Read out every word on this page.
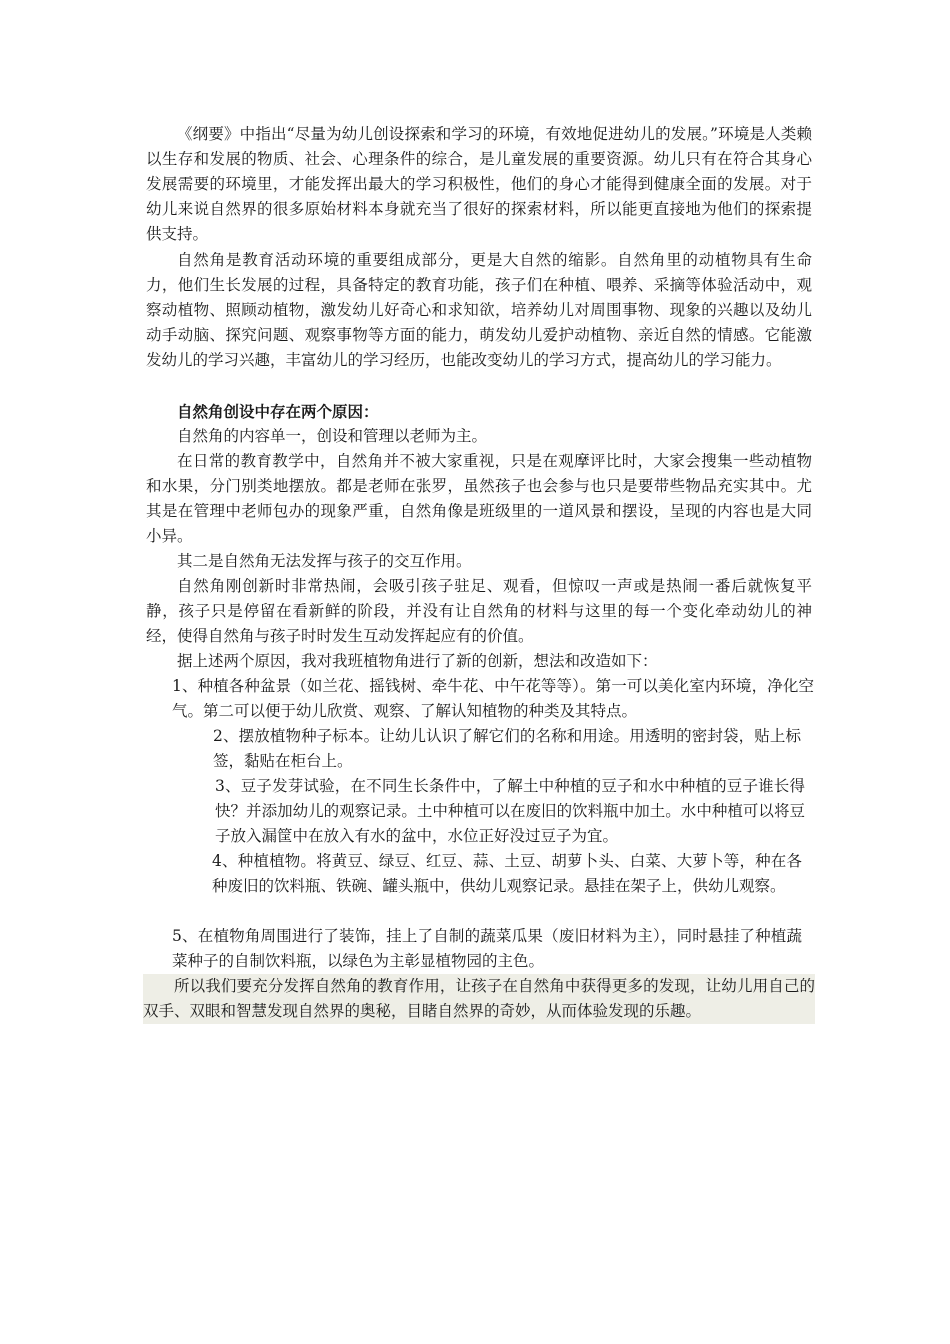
《纲要》中指出“尽量为幼儿创设探索和学习的环境，有效地促进幼儿的发展。”环境是人类赖以生存和发展的物质、社会、心理条件的综合，是儿童发展的重要资源。幼儿只有在符合其身心发展需要的环境里，才能发挥出最大的学习积极性，他们的身心才能得到健康全面的发展。对于幼儿来说自然界的很多原始材料本身就充当了很好的探索材料，所以能更直接地为他们的探索提供支持。

自然角是教育活动环境的重要组成部分，更是大自然的缩影。自然角里的动植物具有生命力，他们生长发展的过程，具备特定的教育功能，孩子们在种植、喂养、采摘等体验活动中，观察动植物、照顾动植物，激发幼儿好奇心和求知欲，培养幼儿对周围事物、现象的兴趣以及幼儿动手动脑、探究问题、观察事物等方面的能力，萌发幼儿爱护动植物、亲近自然的情感。它能激发幼儿的学习兴趣，丰富幼儿的学习经历，也能改变幼儿的学习方式，提高幼儿的学习能力。

自然角创设中存在两个原因：

自然角的内容单一，创设和管理以老师为主。

在日常的教育教学中，自然角并不被大家重视，只是在观摩评比时，大家会搜集一些动植物和水果，分门别类地摆放。都是老师在张罗，虽然孩子也会参与也只是要带些物品充实其中。尤其是在管理中老师包办的现象严重，自然角像是班级里的一道风景和摆设，呈现的内容也是大同小异。

其二是自然角无法发挥与孩子的交互作用。

自然角刚创新时非常热闹，会吸引孩子驻足、观看，但惊叹一声或是热闹一番后就恢复平静，孩子只是停留在看新鲜的阶段，并没有让自然角的材料与这里的每一个变化牵动幼儿的神经，使得自然角与孩子时时发生互动发挥起应有的价值。

据上述两个原因，我对我班植物角进行了新的创新，想法和改造如下：

1、种植各种盆景（如兰花、摇钱树、牵牛花、中午花等等）。第一可以美化室内环境，净化空气。第二可以便于幼儿欣赏、观察、了解认知植物的种类及其特点。

2、摆放植物种子标本。让幼儿认识了解它们的名称和用途。用透明的密封袋，贴上标签，黏贴在柜台上。

3、豆子发芽试验，在不同生长条件中，了解土中种植的豆子和水中种植的豆子谁长得快？并添加幼儿的观察记录。土中种植可以在废旧的饮料瓶中加土。水中种植可以将豆子放入漏筐中在放入有水的盆中，水位正好没过豆子为宜。

4、种植植物。将黄豆、绿豆、红豆、蒜、土豆、胡萝卜头、白菜、大萝卜等，种在各种废旧的饮料瓶、铁碗、罐头瓶中，供幼儿观察记录。悬挂在架子上，供幼儿观察。

5、在植物角周围进行了装饰，挂上了自制的蔬菜瓜果（废旧材料为主），同时悬挂了种植蔬菜种子的自制饮料瓶，以绿色为主彰显植物园的主色。

所以我们要充分发挥自然角的教育作用，让孩子在自然角中获得更多的发现，让幼儿用自己的双手、双眼和智慧发现自然界的奥秘，目睹自然界的奇妙，从而体验发现的乐趣。
